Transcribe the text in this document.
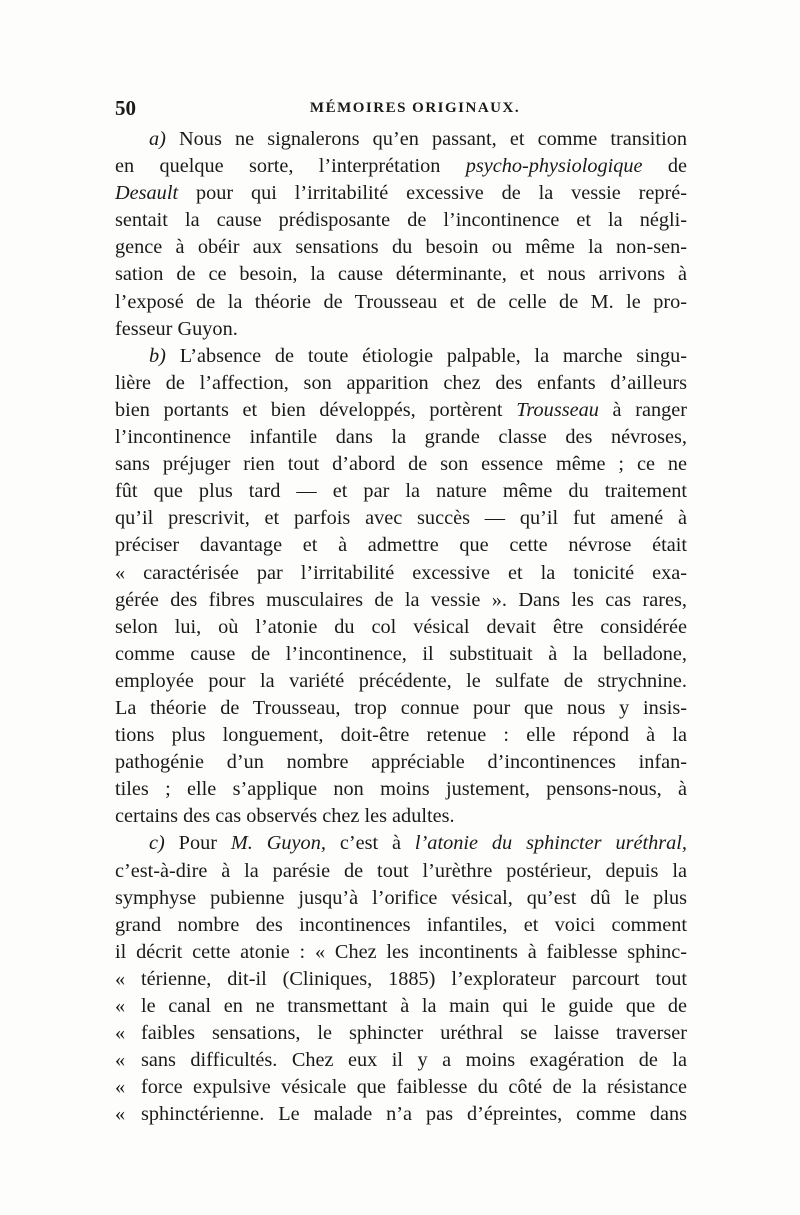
50	MÉMOIRES ORIGINAUX.
a) Nous ne signalerons qu’en passant, et comme transition
en quelque sorte, l’interprétation psycho-physiologique de
Desault pour qui l’irritabilité excessive de la vessie repré-
sentait la cause prédisposante de l’incontinence et la négli-
gence à obéir aux sensations du besoin ou même la non-sen-
sation de ce besoin, la cause déterminante, et nous arrivons à
l’exposé de la théorie de Trousseau et de celle de M. le pro-
fesseur Guyon.
b) L’absence de toute étiologie palpable, la marche singu-
lière de l’affection, son apparition chez des enfants d’ailleurs
bien portants et bien développés, portèrent Trousseau à ranger
l’incontinence infantile dans la grande classe des névroses,
sans préjuger rien tout d’abord de son essence même ; ce ne
fût que plus tard — et par la nature même du traitement
qu’il prescrivit, et parfois avec succès — qu’il fut amené à
préciser davantage et à admettre que cette névrose était
« caractérisée par l’irritabilité excessive et la tonicité exa-
gérée des fibres musculaires de la vessie ». Dans les cas rares,
selon lui, où l’atonie du col vésical devait être considérée
comme cause de l’incontinence, il substituait à la belladone,
employée pour la variété précédente, le sulfate de strychnine.
La théorie de Trousseau, trop connue pour que nous y insis-
tions plus longuement, doit-être retenue : elle répond à la
pathogénie d’un nombre appréciable d’incontinences infan-
tiles ; elle s’applique non moins justement, pensons-nous, à
certains des cas observés chez les adultes.
c) Pour M. Guyon, c’est à l’atonie du sphincter uréthral,
c’est-à-dire à la parésie de tout l’urèthre postérieur, depuis la
symphyse pubienne jusqu’à l’orifice vésical, qu’est dû le plus
grand nombre des incontinences infantiles, et voici comment
il décrit cette atonie : « Chez les incontinents à faiblesse sphinc-
« térienne, dit-il (Cliniques, 1885) l’explorateur parcourt tout
« le canal en ne transmettant à la main qui le guide que de
« faibles sensations, le sphincter uréthral se laisse traverser
« sans difficultés. Chez eux il y a moins exagération de la
« force expulsive vésicale que faiblesse du côté de la résistance
« sphinctérienne. Le malade n’a pas d’épreintes, comme dans
